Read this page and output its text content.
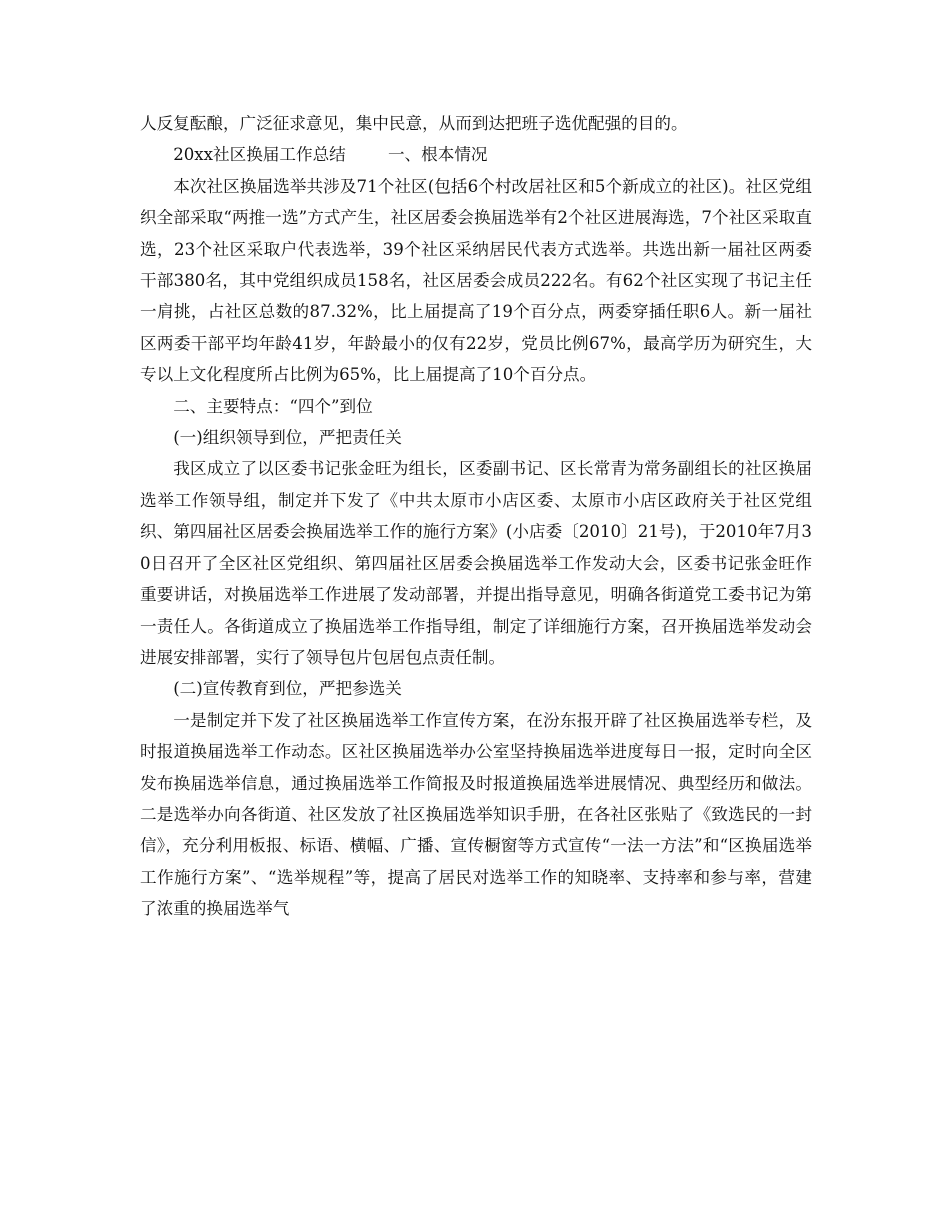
人反复酝酿，广泛征求意见，集中民意，从而到达把班子选优配强的目的。

20xx社区换届工作总结        一、根本情况

本次社区换届选举共涉及71个社区(包括6个村改居社区和5个新成立的社区)。社区党组织全部采取“两推一选”方式产生，社区居委会换届选举有2个社区进展海选，7个社区采取直选，23个社区采取户代表选举，39个社区采纳居民代表方式选举。共选出新一届社区两委干部380名，其中党组织成员158名，社区居委会成员222名。有62个社区实现了书记主任一肩挑，占社区总数的87.32%，比上届提高了19个百分点，两委穿插任职6人。新一届社区两委干部平均年龄41岁，年龄最小的仅有22岁，党员比例67%，最高学历为研究生，大专以上文化程度所占比例为65%，比上届提高了10个百分点。

二、主要特点：“四个”到位

(一)组织领导到位，严把责任关

我区成立了以区委书记张金旺为组长，区委副书记、区长常青为常务副组长的社区换届选举工作领导组，制定并下发了《中共太原市小店区委、太原市小店区政府关于社区党组织、第四届社区居委会换届选举工作的施行方案》(小店委〔2010〕21号)，于2010年7月30日召开了全区社区党组织、第四届社区居委会换届选举工作发动大会，区委书记张金旺作重要讲话，对换届选举工作进展了发动部署，并提出指导意见，明确各街道党工委书记为第一责任人。各街道成立了换届选举工作指导组，制定了详细施行方案，召开换届选举发动会进展安排部署，实行了领导包片包居包点责任制。

(二)宣传教育到位，严把参选关

一是制定并下发了社区换届选举工作宣传方案，在汾东报开辟了社区换届选举专栏，及时报道换届选举工作动态。区社区换届选举办公室坚持换届选举进度每日一报，定时向全区发布换届选举信息，通过换届选举工作简报及时报道换届选举进展情况、典型经历和做法。二是选举办向各街道、社区发放了社区换届选举知识手册，在各社区张贴了《致选民的一封信》，充分利用板报、标语、横幅、广播、宣传橱窗等方式宣传“一法一方法”和“区换届选举工作施行方案”、“选举规程”等，提高了居民对选举工作的知晓率、支持率和参与率，营建了浓重的换届选举气
